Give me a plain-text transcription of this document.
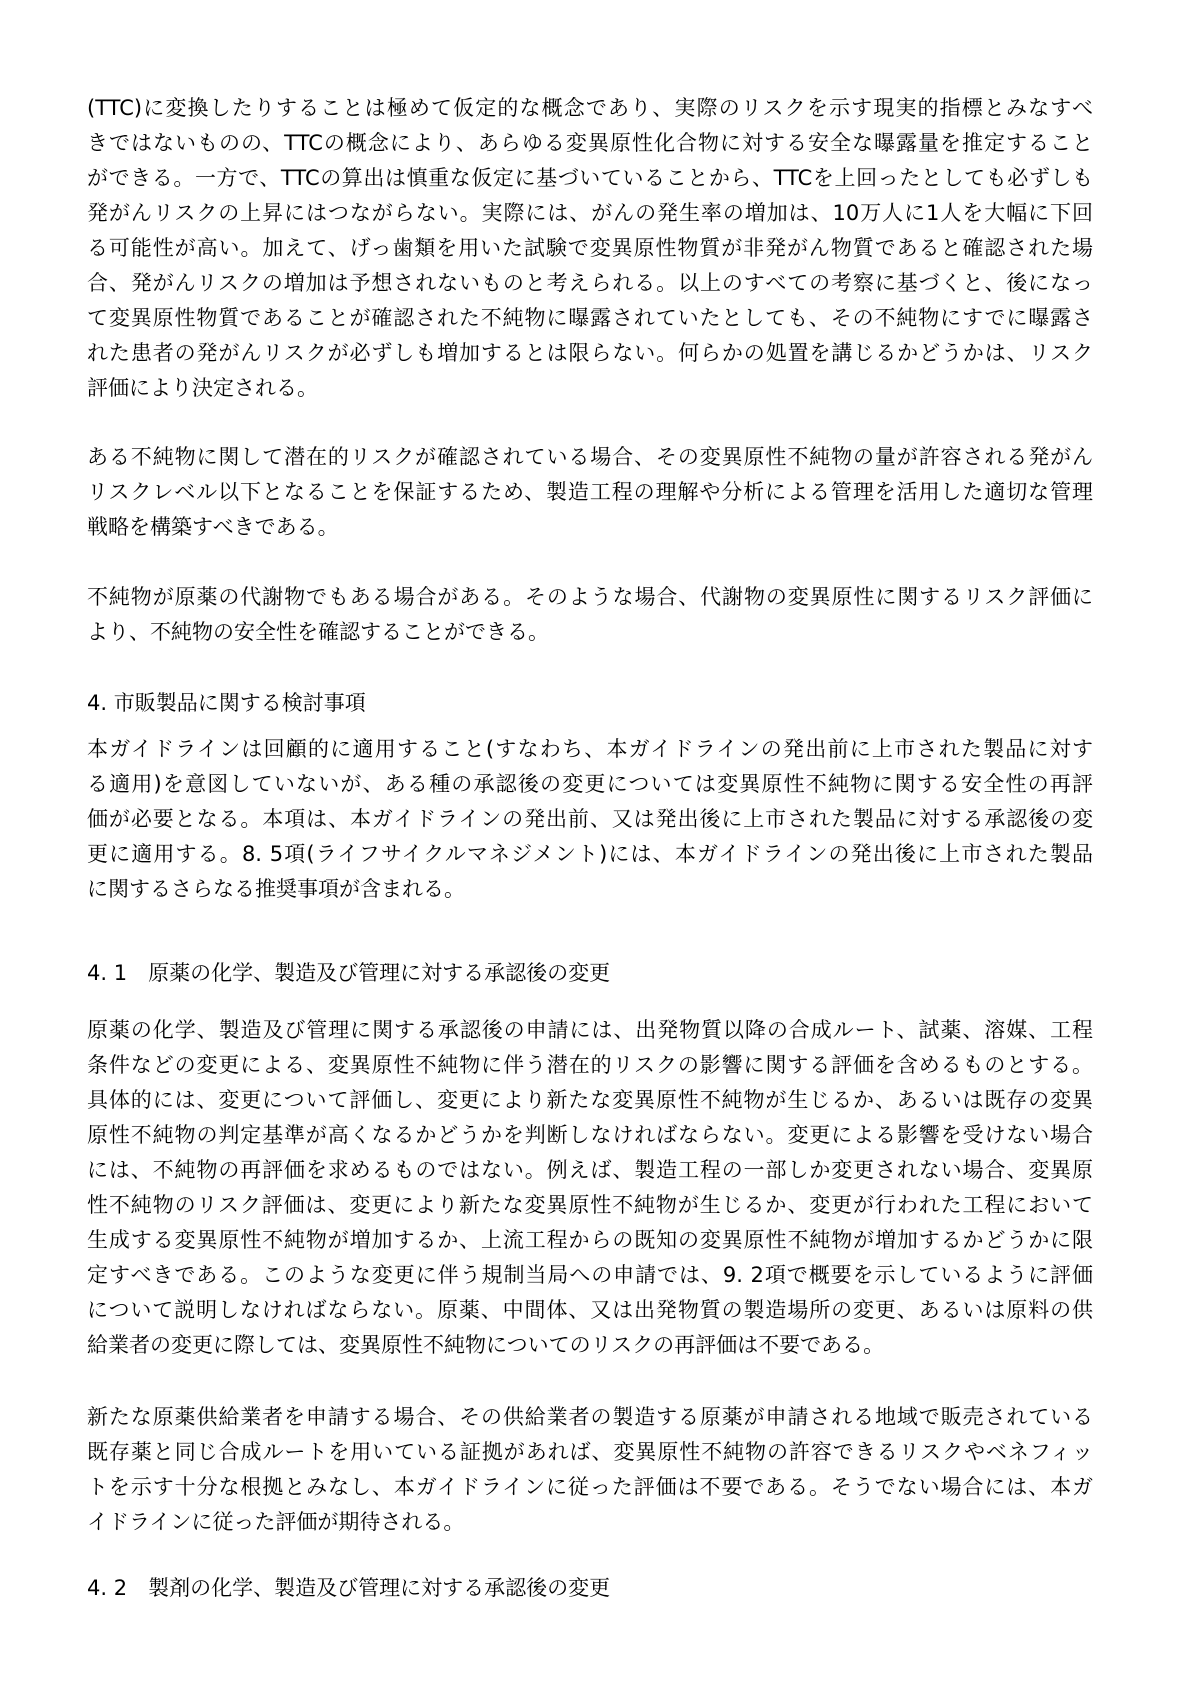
(TTC)に変換したりすることは極めて仮定的な概念であり、実際のリスクを示す現実的指標とみなすべ
きではないものの、TTCの概念により、あらゆる変異原性化合物に対する安全な曝露量を推定すること
ができる。一方で、TTCの算出は慎重な仮定に基づいていることから、TTCを上回ったとしても必ずしも
発がんリスクの上昇にはつながらない。実際には、がんの発生率の増加は、10万人に1人を大幅に下回
る可能性が高い。加えて、げっ歯類を用いた試験で変異原性物質が非発がん物質であると確認された場
合、発がんリスクの増加は予想されないものと考えられる。以上のすべての考察に基づくと、後になっ
て変異原性物質であることが確認された不純物に曝露されていたとしても、その不純物にすでに曝露さ
れた患者の発がんリスクが必ずしも増加するとは限らない。何らかの処置を講じるかどうかは、リスク
評価により決定される。
ある不純物に関して潜在的リスクが確認されている場合、その変異原性不純物の量が許容される発がん
リスクレベル以下となることを保証するため、製造工程の理解や分析による管理を活用した適切な管理
戦略を構築すべきである。
不純物が原薬の代謝物でもある場合がある。そのような場合、代謝物の変異原性に関するリスク評価に
より、不純物の安全性を確認することができる。
4. 市販製品に関する検討事項
本ガイドラインは回顧的に適用すること(すなわち、本ガイドラインの発出前に上市された製品に対す
る適用)を意図していないが、ある種の承認後の変更については変異原性不純物に関する安全性の再評
価が必要となる。本項は、本ガイドラインの発出前、又は発出後に上市された製品に対する承認後の変
更に適用する。8. 5項(ライフサイクルマネジメント)には、本ガイドラインの発出後に上市された製品
に関するさらなる推奨事項が含まれる。
4. 1　原薬の化学、製造及び管理に対する承認後の変更
原薬の化学、製造及び管理に関する承認後の申請には、出発物質以降の合成ルート、試薬、溶媒、工程
条件などの変更による、変異原性不純物に伴う潜在的リスクの影響に関する評価を含めるものとする。
具体的には、変更について評価し、変更により新たな変異原性不純物が生じるか、あるいは既存の変異
原性不純物の判定基準が高くなるかどうかを判断しなければならない。変更による影響を受けない場合
には、不純物の再評価を求めるものではない。例えば、製造工程の一部しか変更されない場合、変異原
性不純物のリスク評価は、変更により新たな変異原性不純物が生じるか、変更が行われた工程において
生成する変異原性不純物が増加するか、上流工程からの既知の変異原性不純物が増加するかどうかに限
定すべきである。このような変更に伴う規制当局への申請では、9. 2項で概要を示しているように評価
について説明しなければならない。原薬、中間体、又は出発物質の製造場所の変更、あるいは原料の供
給業者の変更に際しては、変異原性不純物についてのリスクの再評価は不要である。
新たな原薬供給業者を申請する場合、その供給業者の製造する原薬が申請される地域で販売されている
既存薬と同じ合成ルートを用いている証拠があれば、変異原性不純物の許容できるリスクやベネフィッ
トを示す十分な根拠とみなし、本ガイドラインに従った評価は不要である。そうでない場合には、本ガ
イドラインに従った評価が期待される。
4. 2　製剤の化学、製造及び管理に対する承認後の変更
